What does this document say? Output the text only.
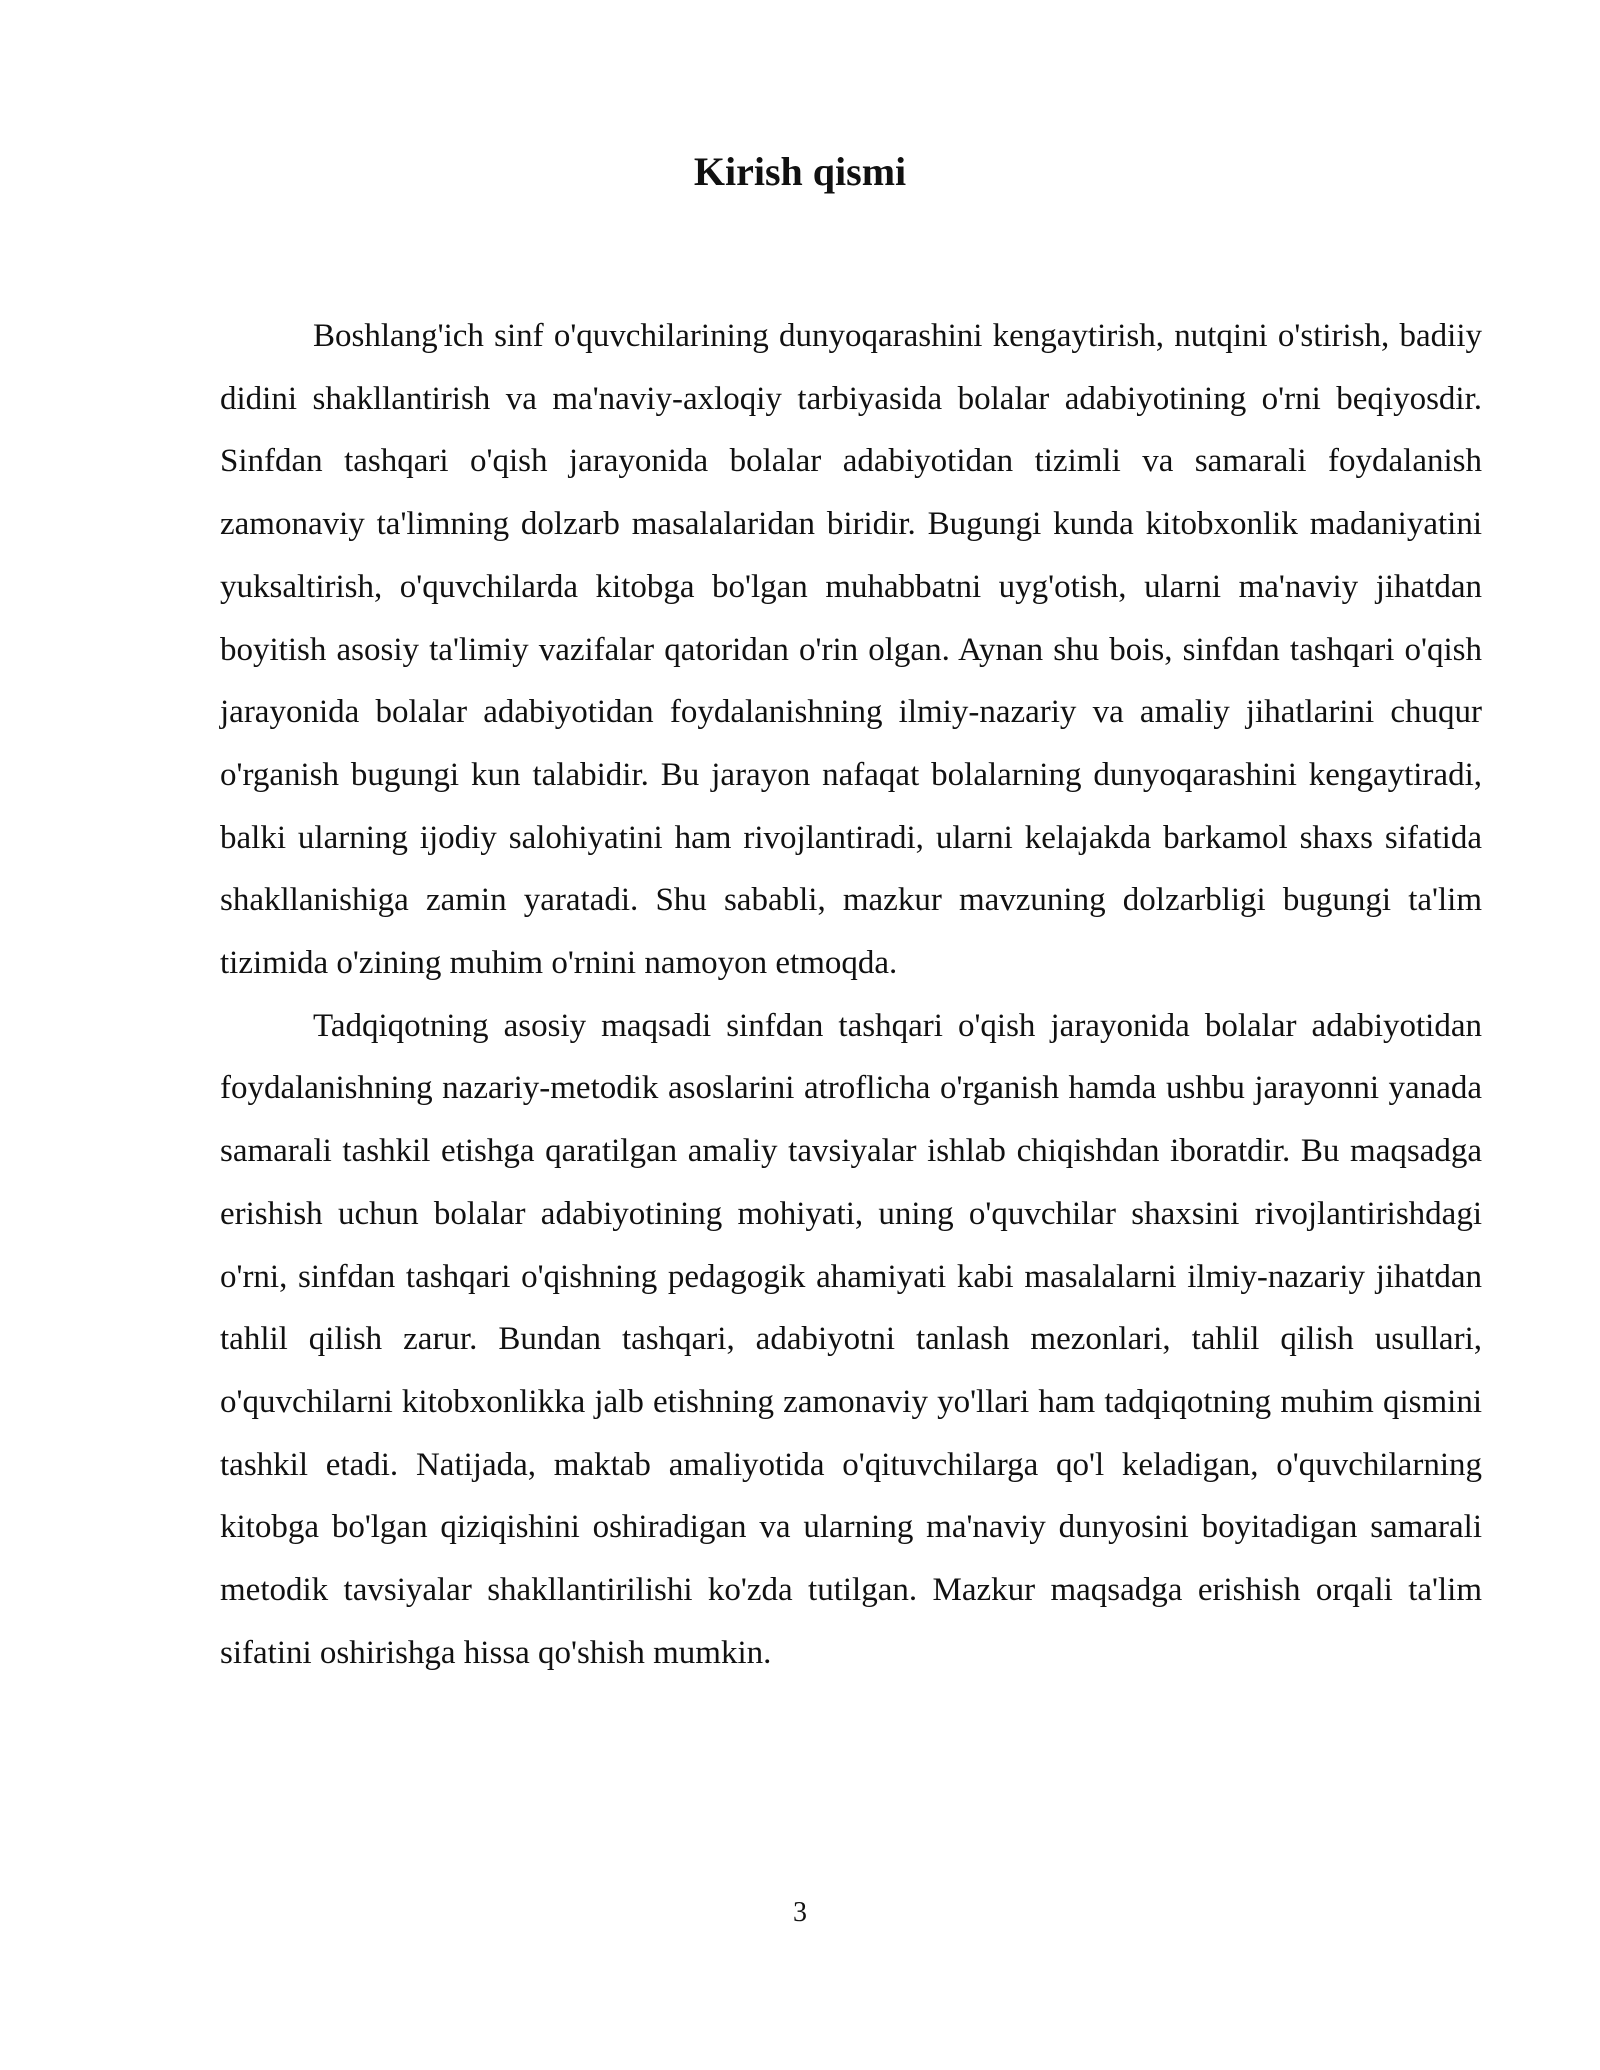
Kirish qismi

Boshlang'ich sinf o'quvchilarining dunyoqarashini kengaytirish, nutqini o'stirish, badiiy didini shakllantirish va ma'naviy-axloqiy tarbiyasida bolalar adabiyotining o'rni beqiyosdir. Sinfdan tashqari o'qish jarayonida bolalar adabiyotidan tizimli va samarali foydalanish zamonaviy ta'limning dolzarb masalalaridan biridir. Bugungi kunda kitobxonlik madaniyatini yuksaltirish, o'quvchilarda kitobga bo'lgan muhabbatni uyg'otish, ularni ma'naviy jihatdan boyitish asosiy ta'limiy vazifalar qatoridan o'rin olgan. Aynan shu bois, sinfdan tashqari o'qish jarayonida bolalar adabiyotidan foydalanishning ilmiy-nazariy va amaliy jihatlarini chuqur o'rganish bugungi kun talabidir. Bu jarayon nafaqat bolalarning dunyoqarashini kengaytiradi, balki ularning ijodiy salohiyatini ham rivojlantiradi, ularni kelajakda barkamol shaxs sifatida shakllanishiga zamin yaratadi. Shu sababli, mazkur mavzuning dolzarbligi bugungi ta'lim tizimida o'zining muhim o'rnini namoyon etmoqda.

Tadqiqotning asosiy maqsadi sinfdan tashqari o'qish jarayonida bolalar adabiyotidan foydalanishning nazariy-metodik asoslarini atroflicha o'rganish hamda ushbu jarayonni yanada samarali tashkil etishga qaratilgan amaliy tavsiyalar ishlab chiqishdan iboratdir. Bu maqsadga erishish uchun bolalar adabiyotining mohiyati, uning o'quvchilar shaxsini rivojlantirishdagi o'rni, sinfdan tashqari o'qishning pedagogik ahamiyati kabi masalalarni ilmiy-nazariy jihatdan tahlil qilish zarur. Bundan tashqari, adabiyotni tanlash mezonlari, tahlil qilish usullari, o'quvchilarni kitobxonlikka jalb etishning zamonaviy yo'llari ham tadqiqotning muhim qismini tashkil etadi. Natijada, maktab amaliyotida o'qituvchilarga qo'l keladigan, o'quvchilarning kitobga bo'lgan qiziqishini oshiradigan va ularning ma'naviy dunyosini boyitadigan samarali metodik tavsiyalar shakllantirilishi ko'zda tutilgan. Mazkur maqsadga erishish orqali ta'lim sifatini oshirishga hissa qo'shish mumkin.

3
